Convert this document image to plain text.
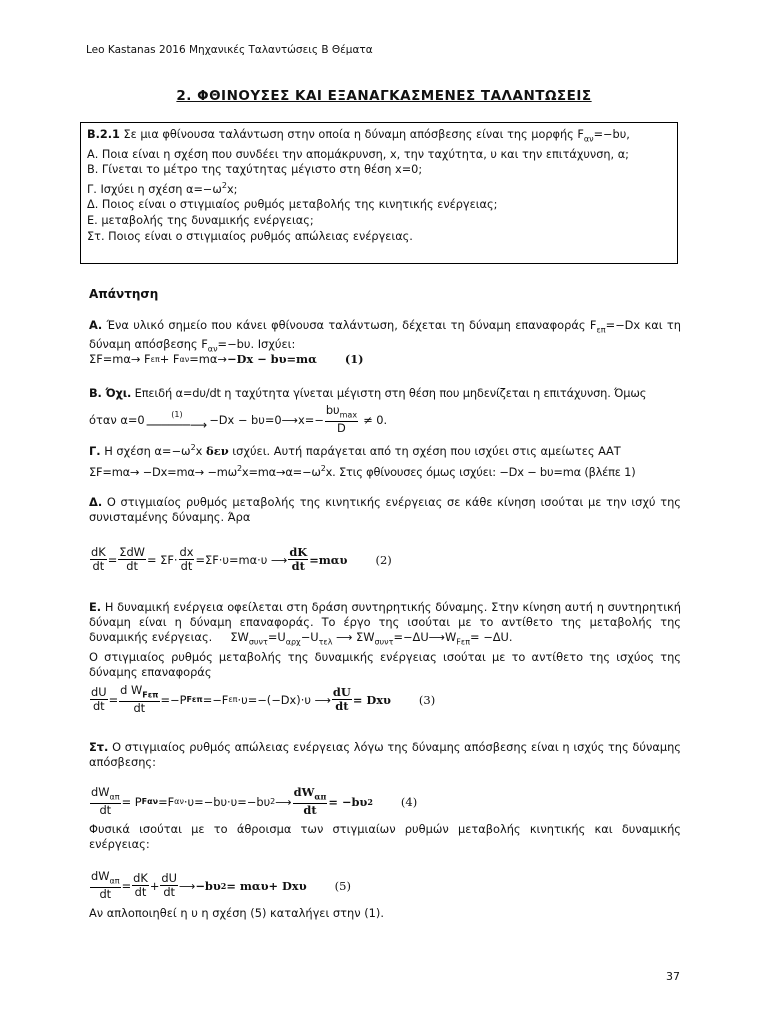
Leo Kastanas 2016 Μηχανικές Ταλαντώσεις Β Θέματα
2. ΦΘΙΝΟΥΣΕΣ ΚΑΙ ΕΞΑΝΑΓΚΑΣΜΕΝΕΣ ΤΑΛΑΝΤΩΣΕΙΣ
Β.2.1 Σε μια φθίνουσα ταλάντωση στην οποία η δύναμη απόσβεσης είναι της μορφής $F_{\alpha\nu}=-b\upsilon$,
Α. Ποια είναι η σχέση που συνδέει την απομάκρυνση, x, την ταχύτητα, υ και την επιτάχυνση, α;
Β. Γίνεται το μέτρο της ταχύτητας μέγιστο στη θέση x=0;
Γ. Ισχύει η σχέση $\alpha=-\omega^2x$;
Δ. Ποιος είναι ο στιγμιαίος ρυθμός μεταβολής της κινητικής ενέργειας;
Ε. μεταβολής της δυναμικής ενέργειας;
Στ. Ποιος είναι ο στιγμιαίος ρυθμός απώλειας ενέργειας.
Απάντηση
Α. Ένα υλικό σημείο που κάνει φθίνουσα ταλάντωση, δέχεται τη δύναμη επαναφοράς $F_{\varepsilon\pi}=-Dx$ και τη δύναμη απόσβεσης $F_{\alpha\nu}=-b\upsilon$. Ισχύει:
ΣF=mα→ F επ + F αν =mα→ −Dx − bυ=mα (1)
Β. Όχι. Επειδή α=dυ/dt η ταχύτητα γίνεται μέγιστη στη θέση που μηδενίζεται η επιτάχυνση. Όμως
όταν α=0	(1)
──────⟶ −Dx − bυ=0⟶x=− $\frac{b\upsilon_{max}}{D} \ne 0$.
Γ. Η σχέση $\alpha=-\omega^2x$ δεν ισχύει. Αυτή παράγεται από τη σχέση που ισχύει στις αμείωτες ΑΑΤ
$\Sigma F=m\alpha\to -Dx=m\alpha\to -m\omega^2x=m\alpha\to\alpha=-\omega^2x$. Στις φθίνουσες όμως ισχύει: −Dx − bυ=mα (βλέπε 1)
Δ. Ο στιγμιαίος ρυθμός μεταβολής της κινητικής ενέργειας σε κάθε κίνηση ισούται με την ισχύ της συνισταμένης δύναμης. Άρα
$\frac{dK}{dt} = \frac{\text{ΣdW}}{dt} = \Sigma F\cdot \frac{dx}{dt} =\Sigma F\cdot\upsilon=m\alpha\cdot\upsilon$ ⟶ $\frac{dK}{dt} =m\alpha\upsilon$ (2)
Ε. Η δυναμική ενέργεια οφείλεται στη δράση συντηρητικής δύναμης. Στην κίνηση αυτή η συντηρητική δύναμη είναι η δύναμη επαναφοράς. Το έργο της ισούται με το αντίθετο της μεταβολής της δυναμικής ενέργειας. $\Sigma W_{\sigma\upsilon\nu\tau}=U_{\alpha\rho\chi}-U_{\tau\varepsilon\lambda}$ ⟶ $\Sigma W_{\sigma\upsilon\nu\tau}=-\Delta U⟶W_{F\varepsilon\pi}= -\Delta U$.
Ο στιγμιαίος ρυθμός μεταβολής της δυναμικής ενέργειας ισούται με το αντίθετο της ισχύος της δύναμης επαναφοράς
$\frac{dU}{dt} = \frac{d W_{F\varepsilon\pi}}{dt} =-P$ Fεπ =−F επ ·υ=−(−Dx)·υ ⟶ $\frac{dU}{dt} = Dx\upsilon$ (3)
Στ. Ο στιγμιαίος ρυθμός απώλειας ενέργειας λόγω της δύναμης απόσβεσης είναι η ισχύς της δύναμης απόσβεσης:
$\frac{dW_{\alpha\pi}}{dt} = P$ Fαν =F αν ·υ=−bυ·υ=−bυ 2 ⟶ $\frac{dW_{\alpha\pi}}{dt} = -b\upsilon$ 2 (4)
Φυσικά ισούται με το άθροισμα των στιγμιαίων ρυθμών μεταβολής κινητικής και δυναμικής ενέργειας:
$\frac{dW_{\alpha\pi}}{dt} = \frac{dK}{dt} + \frac{dU}{dt}$ ⟶ −bυ 2 = mαυ+ Dxυ (5)
Αν απλοποιηθεί η υ η σχέση (5) καταλήγει στην (1).
37
